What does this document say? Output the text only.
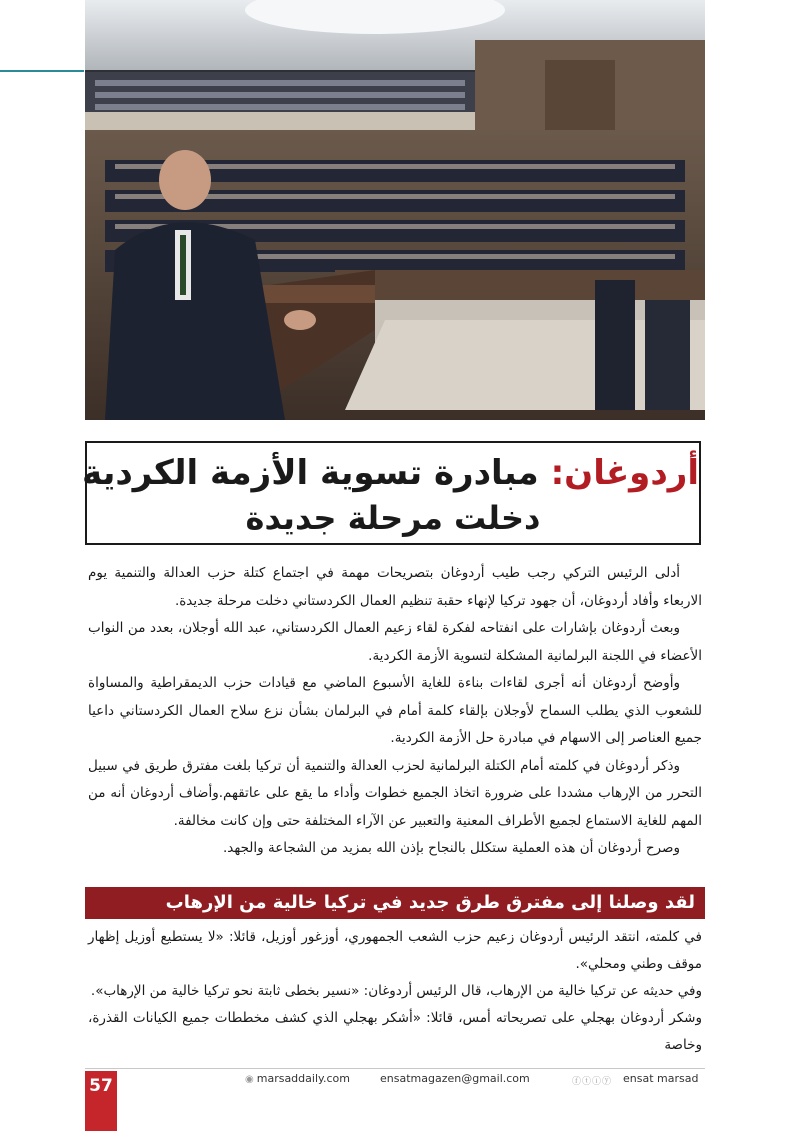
أردوغان: مبادرة تسوية الأزمة الكردية
دخلت مرحلة جديدة

أدلى الرئيس التركي رجب طيب أردوغان بتصريحات مهمة في اجتماع كتلة حزب العدالة والتنمية يوم الاربعاء وأفاد أردوغان، أن جهود تركيا لإنهاء حقبة تنظيم العمال الكردستاني دخلت مرحلة جديدة.

وبعث أردوغان بإشارات على انفتاحه لفكرة لقاء زعيم العمال الكردستاني، عبد الله أوجلان، بعدد من النواب الأعضاء في اللجنة البرلمانية المشكلة لتسوية الأزمة الكردية.

وأوضح أردوغان أنه أجرى لقاءات بناءة للغاية الأسبوع الماضي مع قيادات حزب الديمقراطية والمساواة للشعوب الذي يطلب السماح لأوجلان بإلقاء كلمة أمام في البرلمان بشأن نزع سلاح العمال الكردستاني داعيا جميع العناصر إلى الاسهام في مبادرة حل الأزمة الكردية.

وذكر أردوغان في كلمته أمام الكتلة البرلمانية لحزب العدالة والتنمية أن تركيا بلغت مفترق طريق في سبيل التحرر من الإرهاب مشددا على ضرورة اتخاذ الجميع خطوات وأداء ما يقع على عاتقهم.وأضاف أردوغان أنه من المهم للغاية الاستماع لجميع الأطراف المعنية والتعبير عن الآراء المختلفة حتى وإن كانت مخالفة.

وصرح أردوغان أن هذه العملية ستكلل بالنجاح بإذن الله بمزيد من الشجاعة والجهد.

لقد وصلنا إلى مفترق طرق جديد في تركيا خالية من الإرهاب

في كلمته، انتقد الرئيس أردوغان زعيم حزب الشعب الجمهوري، أوزغور أوزيل، قائلا: «لا يستطيع أوزيل إظهار موقف وطني ومحلي».

وفي حديثه عن تركيا خالية من الإرهاب، قال الرئيس أردوغان: «نسير بخطى ثابتة نحو تركيا خالية من الإرهاب».

وشكر أردوغان بهجلي على تصريحاته أمس، قائلا: «أشكر بهجلي الذي كشف مخططات جميع الكيانات القذرة، وخاصة

57	◉ marsaddaily.com	ensatmagazen@gmail.com	ⓕⓣⓘⓨ ensat marsad
